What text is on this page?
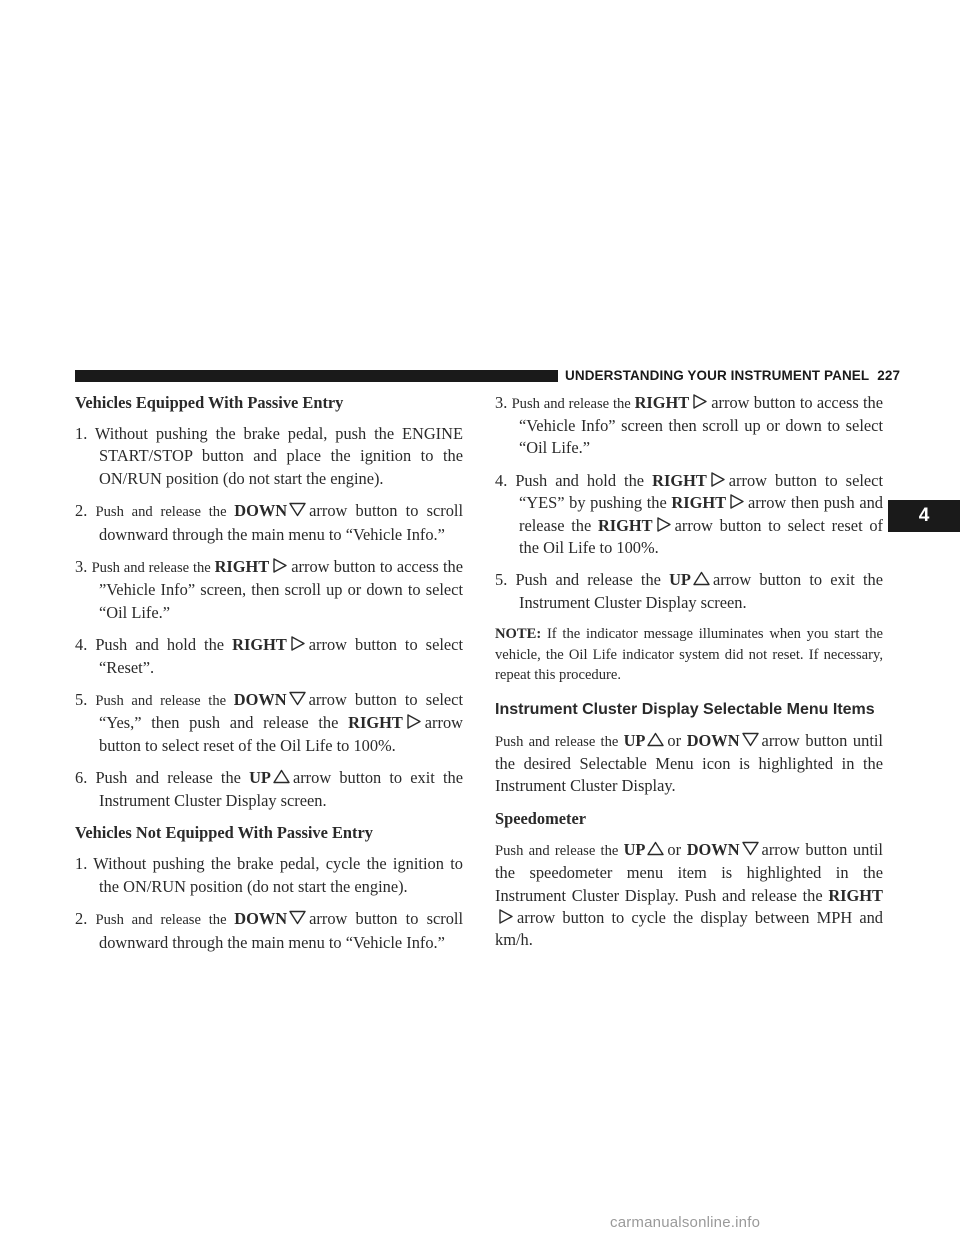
UNDERSTANDING YOUR INSTRUMENT PANEL 227
4

Vehicles Equipped With Passive Entry

1. Without pushing the brake pedal, push the ENGINE START/STOP button and place the ignition to the ON/RUN position (do not start the engine).

2. Push and release the DOWN arrow button to scroll downward through the main menu to “Vehicle Info.”

3. Push and release the RIGHT arrow button to access the ”Vehicle Info” screen, then scroll up or down to select “Oil Life.”

4. Push and hold the RIGHT arrow button to select “Reset”.

5. Push and release the DOWN arrow button to select “Yes,” then push and release the RIGHT arrow button to select reset of the Oil Life to 100%.

6. Push and release the UP arrow button to exit the Instrument Cluster Display screen.

Vehicles Not Equipped With Passive Entry

1. Without pushing the brake pedal, cycle the ignition to the ON/RUN position (do not start the engine).

2. Push and release the DOWN arrow button to scroll downward through the main menu to “Vehicle Info.”

3. Push and release the RIGHT arrow button to access the “Vehicle Info” screen then scroll up or down to select “Oil Life.”

4. Push and hold the RIGHT arrow button to select “YES” by pushing the RIGHT arrow then push and release the RIGHT arrow button to select reset of the Oil Life to 100%.

5. Push and release the UP arrow button to exit the Instrument Cluster Display screen.

NOTE: If the indicator message illuminates when you start the vehicle, the Oil Life indicator system did not reset. If necessary, repeat this procedure.

Instrument Cluster Display Selectable Menu Items

Push and release the UP or DOWN arrow button until the desired Selectable Menu icon is highlighted in the Instrument Cluster Display.

Speedometer

Push and release the UP or DOWN arrow button until the speedometer menu item is highlighted in the Instrument Cluster Display. Push and release the RIGHT
arrow button to cycle the display between MPH and km/h.

carmanualsonline.info
